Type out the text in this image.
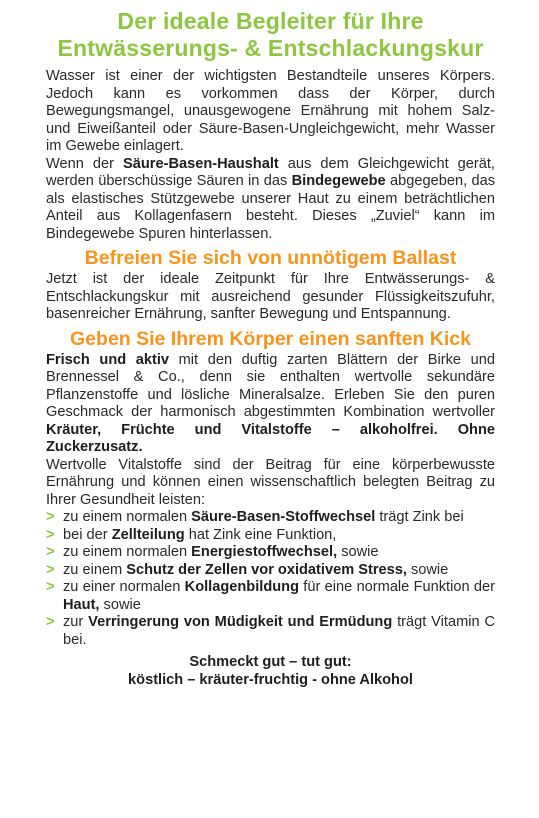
Der ideale Begleiter für Ihre
Entwässerungs- & Entschlackungskur

Wasser ist einer der wichtigsten Bestandteile unseres Körpers. Jedoch kann es vorkommen dass der Körper, durch Bewegungsmangel, unausgewogene Ernährung mit hohem Salz- und Eiweißanteil oder Säure-Basen-Ungleichgewicht, mehr Wasser im Gewebe einlagert.

Wenn der Säure-Basen-Haushalt aus dem Gleichgewicht gerät, werden überschüssige Säuren in das Bindegewebe abgegeben, das als elastisches Stützgewebe unserer Haut zu einem beträchtlichen Anteil aus Kollagenfasern besteht. Dieses „Zuviel“ kann im Bindegewebe Spuren hinterlassen.

Befreien Sie sich von unnötigem Ballast

Jetzt ist der ideale Zeitpunkt für Ihre Entwässerungs- & Entschlackungskur mit ausreichend gesunder Flüssigkeitszufuhr, basenreicher Ernährung, sanfter Bewegung und Entspannung.

Geben Sie Ihrem Körper einen sanften Kick

Frisch und aktiv mit den duftig zarten Blättern der Birke und Brennessel & Co., denn sie enthalten wertvolle sekundäre Pflanzenstoffe und lösliche Mineralsalze. Erleben Sie den puren Geschmack der harmonisch abgestimmten Kombination wertvoller Kräuter, Früchte und Vitalstoffe – alkoholfrei. Ohne Zuckerzusatz.

Wertvolle Vitalstoffe sind der Beitrag für eine körperbewusste Ernährung und können einen wissenschaftlich belegten Beitrag zu Ihrer Gesundheit leisten:

> zu einem normalen Säure-Basen-Stoffwechsel trägt Zink bei
> bei der Zellteilung hat Zink eine Funktion,
> zu einem normalen Energiestoffwechsel, sowie
> zu einem Schutz der Zellen vor oxidativem Stress, sowie
> zu einer normalen Kollagenbildung für eine normale Funktion der Haut, sowie
> zur Verringerung von Müdigkeit und Ermüdung trägt Vitamin C bei.
Schmeckt gut – tut gut:
köstlich – kräuter-fruchtig - ohne Alkohol
